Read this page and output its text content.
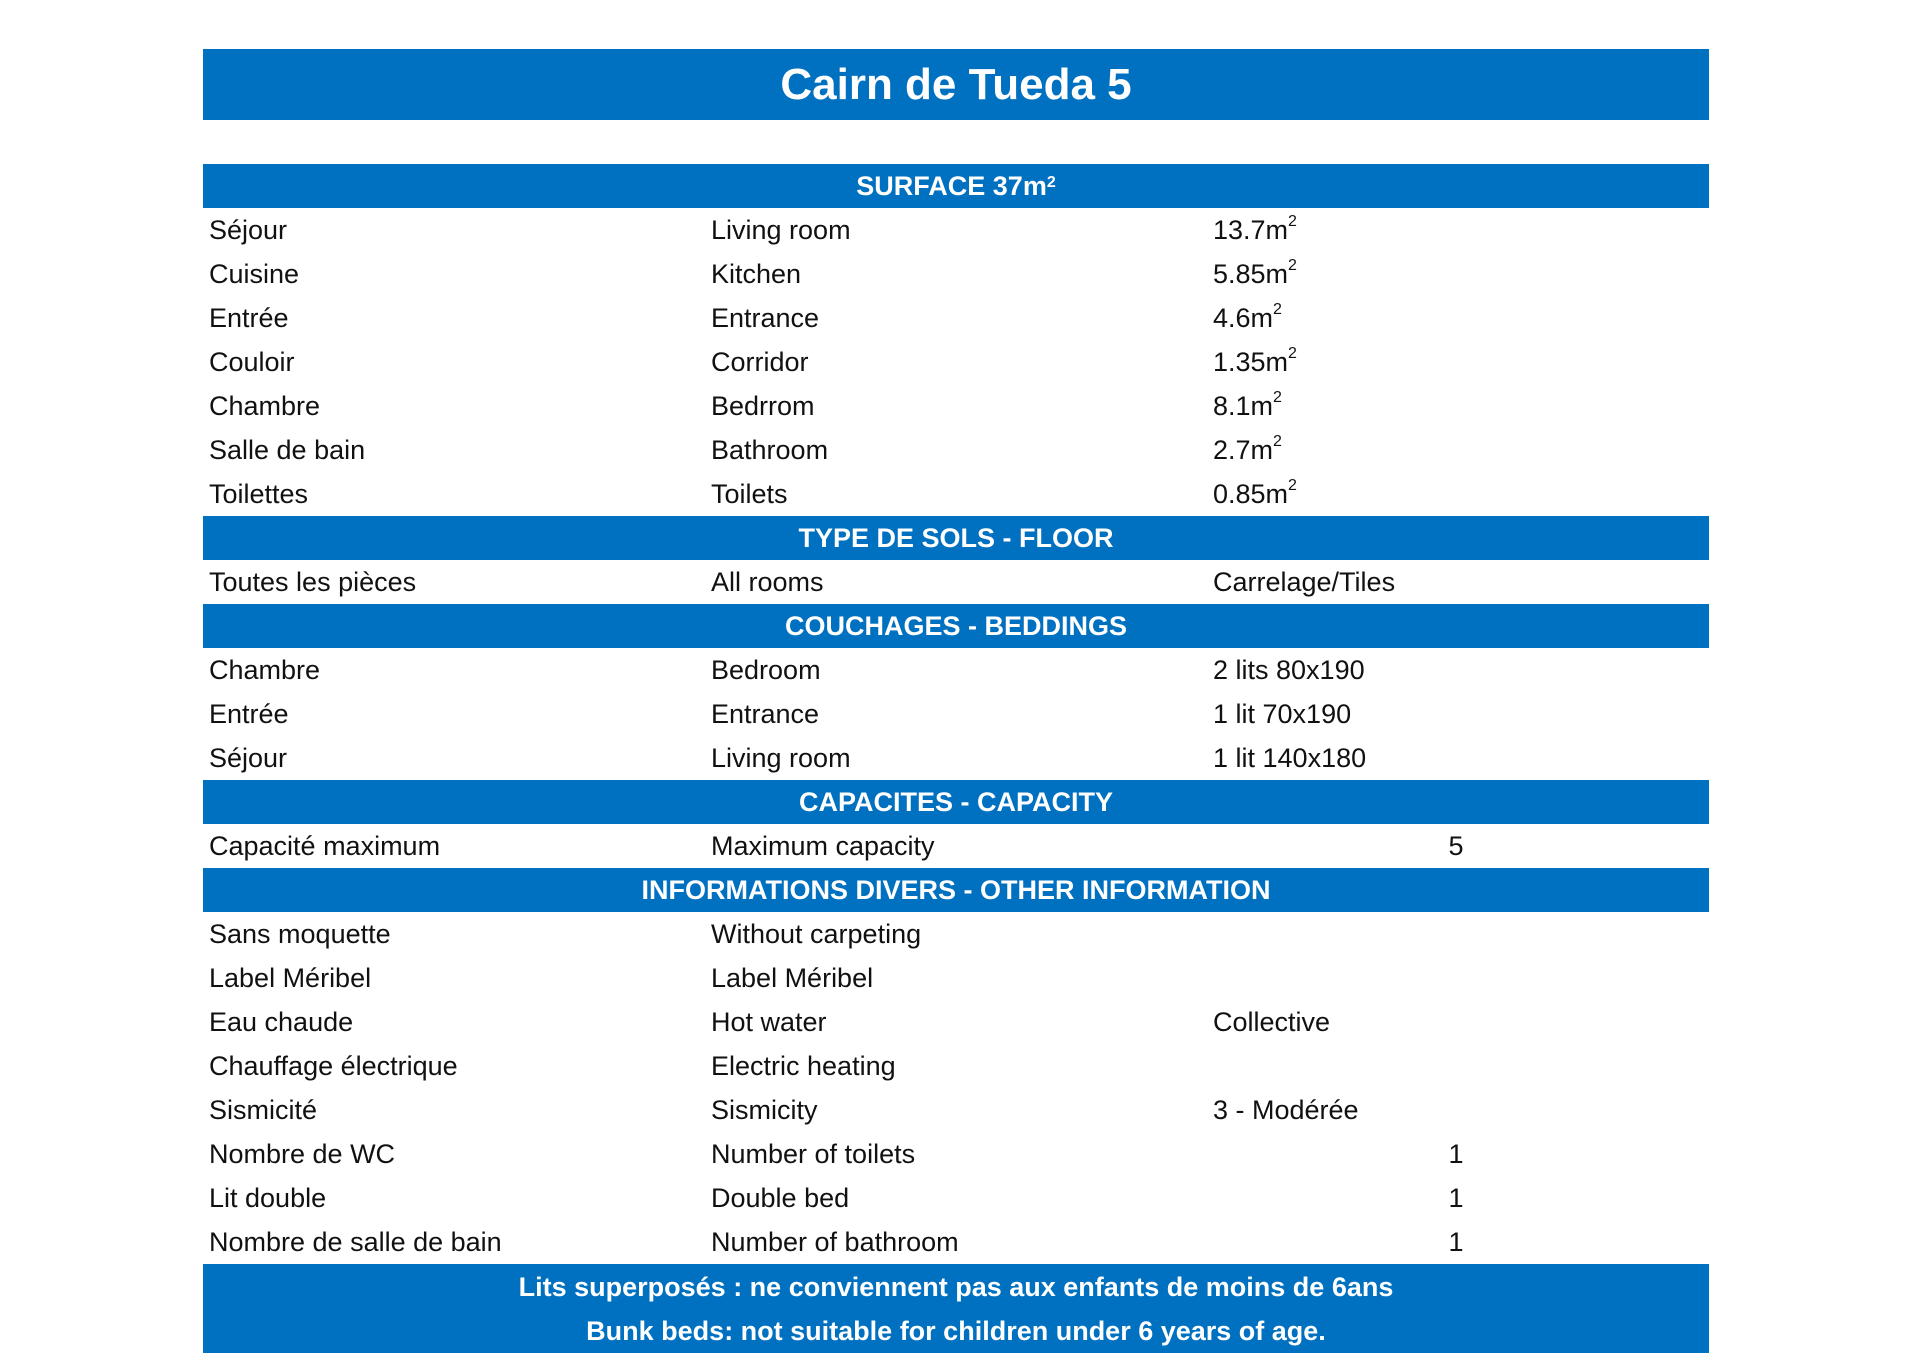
Cairn de Tueda 5
SURFACE $37m^2$
Séjour	Living room	$13.7m^2$
Cuisine	Kitchen	$5.85m^2$
Entrée	Entrance	$4.6m^2$
Couloir	Corridor	$1.35m^2$
Chambre	Bedrrom	$8.1m^2$
Salle de bain	Bathroom	$2.7m^2$
Toilettes	Toilets	$0.85m^2$
TYPE DE SOLS - FLOOR
Toutes les pièces	All rooms	Carrelage/Tiles
COUCHAGES - BEDDINGS
Chambre	Bedroom	2 lits 80x190
Entrée	Entrance	1 lit 70x190
Séjour	Living room	1 lit 140x180
CAPACITES - CAPACITY
Capacité maximum	Maximum capacity	5
INFORMATIONS DIVERS - OTHER INFORMATION
Sans moquette	Without carpeting
Label Méribel	Label Méribel
Eau chaude	Hot water	Collective
Chauffage électrique	Electric heating
Sismicité	Sismicity	3 - Modérée
Nombre de WC	Number of toilets	1
Lit double	Double bed	1
Nombre de salle de bain	Number of bathroom	1
Lits superposés : ne conviennent pas aux enfants de moins de 6ans
Bunk beds: not suitable for children under 6 years of age.
